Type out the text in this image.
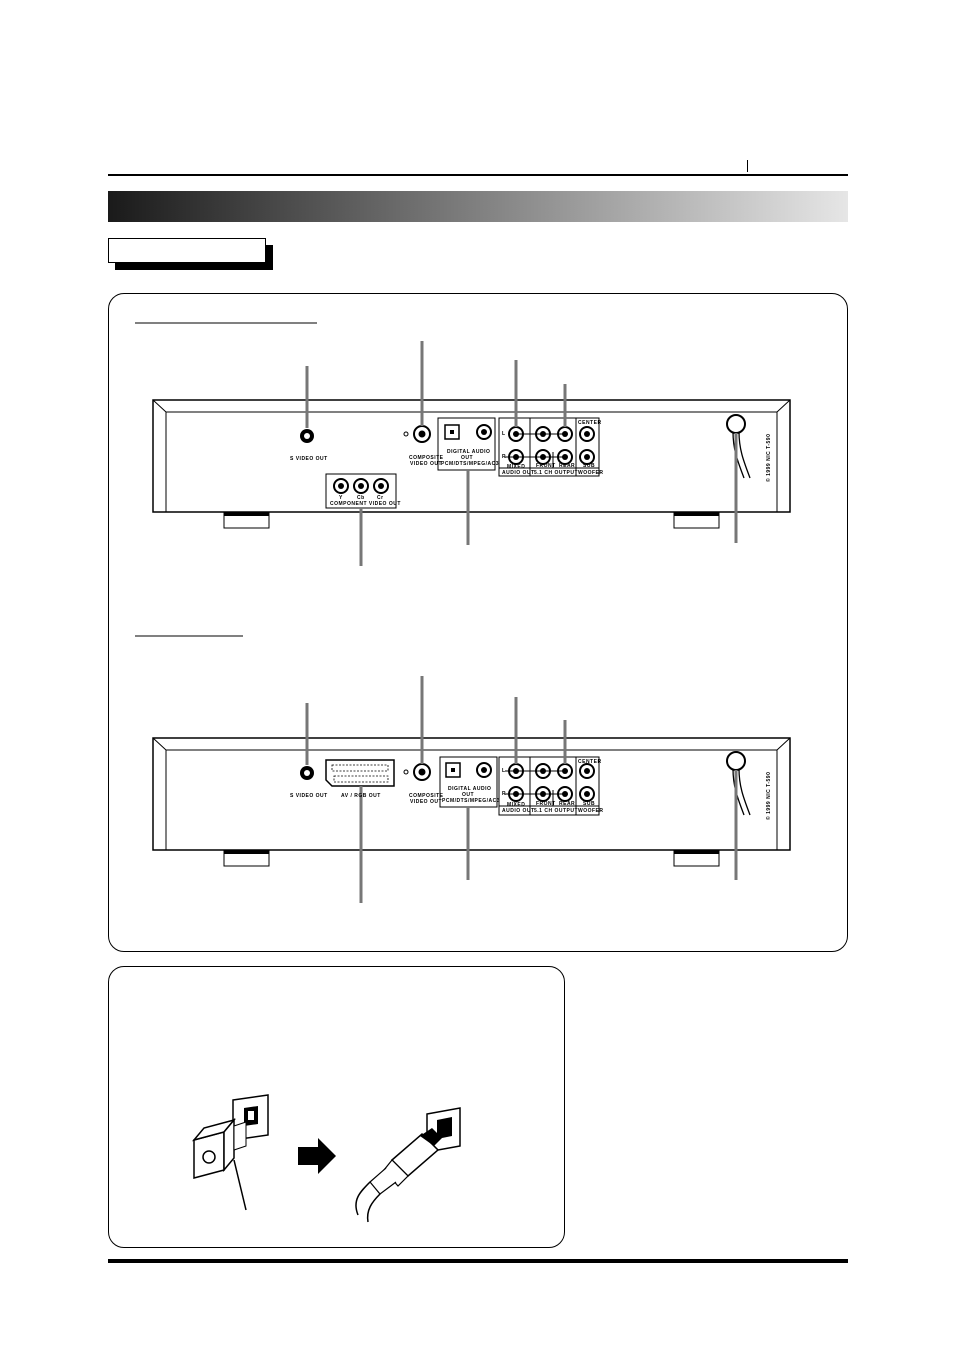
S VIDEO OUT	COMPOSITE
VIDEO OUT
DIGITAL AUDIO
OUT
PCM/DTS/MPEG/AC3 MIXED
AUDIO OUT
FRONT REAR
5.1 CH OUTPUT
CENTER
SUB
WOOFER
L
R
Y	Cb Cr
COMPONENT VIDEO OUT
© 1999 NIC T-590
S VIDEO OUT	AV / RGB OUT	COMPOSITE
VIDEO OUT
DIGITAL AUDIO
OUT
PCM/DTS/MPEG/AC3
MIXED
AUDIO OUT
FRONT REAR
5.1 CH OUTPUT
CENTER
SUB
WOOFER
L
R	© 1999 NIC T-590
